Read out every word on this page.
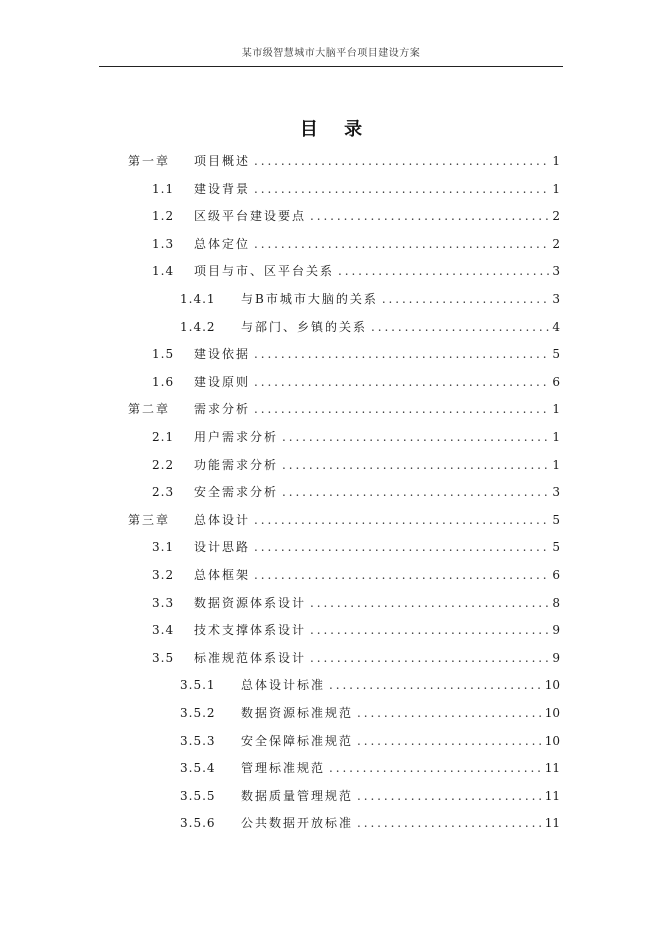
某市级智慧城市大脑平台项目建设方案
目 录
第一章	项目概述 .....	1
1.1	建设背景 .....	1
1.2	区级平台建设要点 .....	2
1.3	总体定位 .....	2
1.4	项目与市、区平台关系 .....	3
1.4.1	与B市城市大脑的关系 .....	3
1.4.2	与部门、乡镇的关系 .....	4
1.5	建设依据 .....	5
1.6	建设原则 .....	6
第二章	需求分析 .....	1
2.1	用户需求分析 .....	1
2.2	功能需求分析 .....	1
2.3	安全需求分析 .....	3
第三章	总体设计 .....	5
3.1	设计思路 .....	5
3.2	总体框架 .....	6
3.3	数据资源体系设计 .....	8
3.4	技术支撑体系设计 .....	9
3.5	标准规范体系设计 .....	9
3.5.1	总体设计标准 .....	10
3.5.2	数据资源标准规范 .....	10
3.5.3	安全保障标准规范 .....	10
3.5.4	管理标准规范 .....	11
3.5.5	数据质量管理规范 .....	11
3.5.6	公共数据开放标准 .....	11
